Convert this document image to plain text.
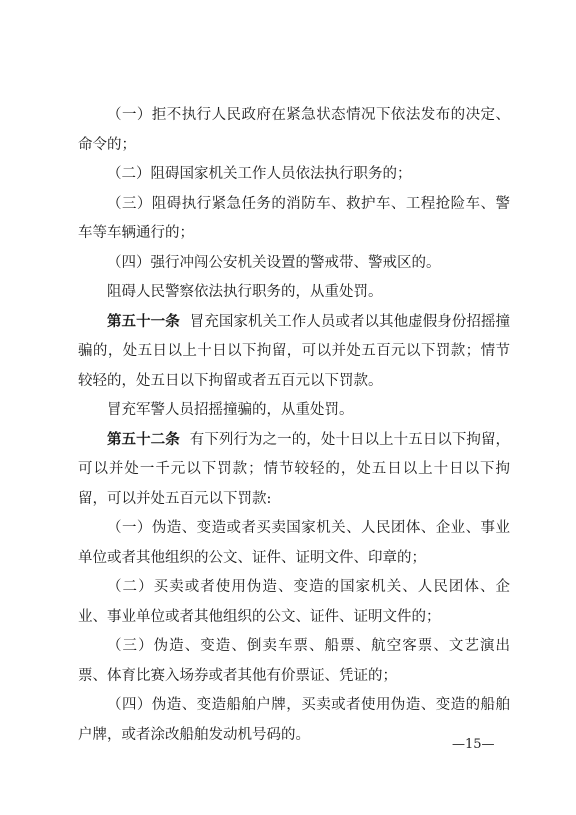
（一）拒不执行人民政府在紧急状态情况下依法发布的决定、命令的；

（二）阻碍国家机关工作人员依法执行职务的；

（三）阻碍执行紧急任务的消防车、救护车、工程抢险车、警车等车辆通行的；

（四）强行冲闯公安机关设置的警戒带、警戒区的。

阻碍人民警察依法执行职务的，从重处罚。

第五十一条 冒充国家机关工作人员或者以其他虚假身份招摇撞骗的，处五日以上十日以下拘留，可以并处五百元以下罚款；情节较轻的，处五日以下拘留或者五百元以下罚款。

冒充军警人员招摇撞骗的，从重处罚。

第五十二条 有下列行为之一的，处十日以上十五日以下拘留，可以并处一千元以下罚款；情节较轻的，处五日以上十日以下拘留，可以并处五百元以下罚款:

（一）伪造、变造或者买卖国家机关、人民团体、企业、事业单位或者其他组织的公文、证件、证明文件、印章的；

（二）买卖或者使用伪造、变造的国家机关、人民团体、企业、事业单位或者其他组织的公文、证件、证明文件的；

（三）伪造、变造、倒卖车票、船票、航空客票、文艺演出票、体育比赛入场券或者其他有价票证、凭证的；

（四）伪造、变造船舶户牌，买卖或者使用伪造、变造的船舶户牌，或者涂改船舶发动机号码的。

—15—
